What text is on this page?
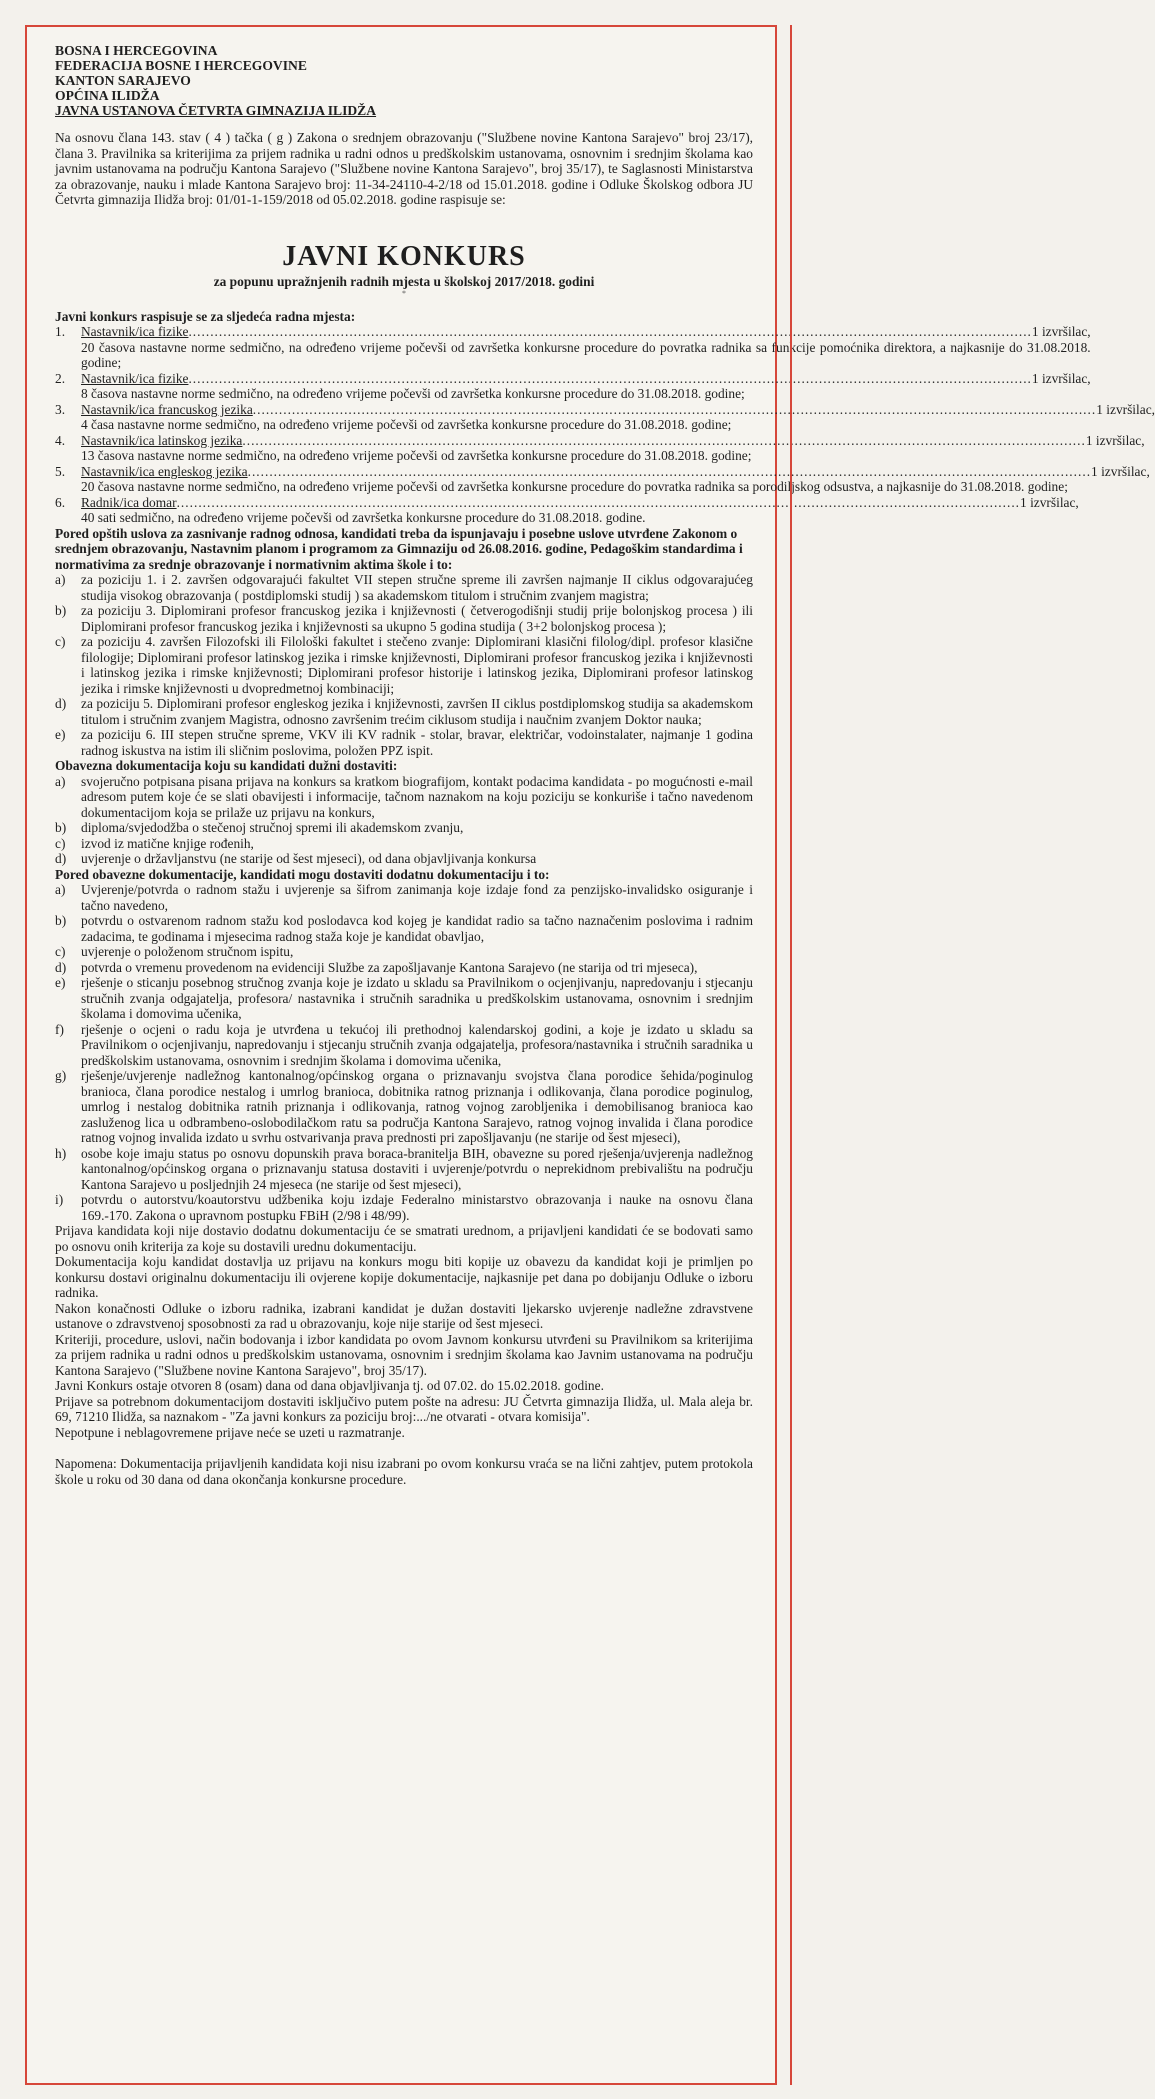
BOSNA I HERCEGOVINA

FEDERACIJA BOSNE I HERCEGOVINE

KANTON SARAJEVO

OPĆINA ILIDŽA

JAVNA USTANOVA ČETVRTA GIMNAZIJA ILIDŽA

Na osnovu člana 143. stav ( 4 ) tačka ( g ) Zakona o srednjem obrazovanju ("Službene novine Kantona Sarajevo" broj 23/17), člana 3. Pravilnika sa kriterijima za prijem radnika u radni odnos u predškolskim ustanovama, osnovnim i srednjim školama kao javnim ustanovama na području Kantona Sarajevo ("Službene novine Kantona Sarajevo", broj 35/17), te Saglasnosti Ministarstva za obrazovanje, nauku i mlade Kantona Sarajevo broj: 11-34-24110-4-2/18 od 15.01.2018. godine i Odluke Školskog odbora JU Četvrta gimnazija Ilidža broj: 01/01-1-159/2018 od 05.02.2018. godine raspisuje se:

JAVNI KONKURS

za popunu upražnjenih radnih mjesta u školskoj 2017/2018. godini

*

Javni konkurs raspisuje se za sljedeća radna mjesta:

1.	Nastavnik/ica fizike .................................................................................................................................................................................................. 1 izvršilac,

20 časova nastavne norme sedmično, na određeno vrijeme počevši od završetka konkursne procedure do povratka radnika sa funkcije pomoćnika direktora, a najkasnije do 31.08.2018. godine;

2.	Nastavnik/ica fizike .................................................................................................................................................................................................. 1 izvršilac,

8 časova nastavne norme sedmično, na određeno vrijeme počevši od završetka konkursne procedure do 31.08.2018. godine;

3.	Nastavnik/ica francuskog jezika .................................................................................................................................................................................................. 1 izvršilac,

4 časa nastavne norme sedmično, na određeno vrijeme počevši od završetka konkursne procedure do 31.08.2018. godine;

4.	Nastavnik/ica latinskog jezika .................................................................................................................................................................................................. 1 izvršilac,

13 časova nastavne norme sedmično, na određeno vrijeme počevši od završetka konkursne procedure do 31.08.2018. godine;

5.	Nastavnik/ica engleskog jezika .................................................................................................................................................................................................. 1 izvršilac,

20 časova nastavne norme sedmično, na određeno vrijeme počevši od završetka konkursne procedure do povratka radnika sa porodiljskog odsustva, a najkasnije do 31.08.2018. godine;

6.	Radnik/ica domar .................................................................................................................................................................................................. 1 izvršilac,

40 sati sedmično, na određeno vrijeme počevši od završetka konkursne procedure do 31.08.2018. godine.

Pored opštih uslova za zasnivanje radnog odnosa, kandidati treba da ispunjavaju i posebne uslove utvrđene Zakonom o srednjem obrazovanju, Nastavnim planom i programom za Gimnaziju od 26.08.2016. godine, Pedagoškim standardima i normativima za srednje obrazovanje i normativnim aktima škole i to:

a)	za poziciju 1. i 2. završen odgovarajući fakultet VII stepen stručne spreme ili završen najmanje II ciklus odgovarajućeg studija visokog obrazovanja ( postdiplomski studij ) sa akademskom titulom i stručnim zvanjem magistra;

b)	za poziciju 3. Diplomirani profesor francuskog jezika i književnosti ( četverogodišnji studij prije bolonjskog procesa ) ili Diplomirani profesor francuskog jezika i književnosti sa ukupno 5 godina studija ( 3+2 bolonjskog procesa );

c)	za poziciju 4. završen Filozofski ili Filološki fakultet i stečeno zvanje: Diplomirani klasični filolog/dipl. profesor klasične filologije; Diplomirani profesor latinskog jezika i rimske književnosti, Diplomirani profesor francuskog jezika i književnosti i latinskog jezika i rimske književnosti; Diplomirani profesor historije i latinskog jezika, Diplomirani profesor latinskog jezika i rimske književnosti u dvopredmetnoj kombinaciji;

d)	za poziciju 5. Diplomirani profesor engleskog jezika i književnosti, završen II ciklus postdiplomskog studija sa akademskom titulom i stručnim zvanjem Magistra, odnosno završenim trećim ciklusom studija i naučnim zvanjem Doktor nauka;

e)	za poziciju 6. III stepen stručne spreme, VKV ili KV radnik - stolar, bravar, električar, vodoinstalater, najmanje 1 godina radnog iskustva na istim ili sličnim poslovima, položen PPZ ispit.

Obavezna dokumentacija koju su kandidati dužni dostaviti:

a)	svojeručno potpisana pisana prijava na konkurs sa kratkom biografijom, kontakt podacima kandidata - po mogućnosti e-mail adresom putem koje će se slati obavijesti i informacije, tačnom naznakom na koju poziciju se konkuriše i tačno navedenom dokumentacijom koja se prilaže uz prijavu na konkurs,

b)	diploma/svjedodžba o stečenoj stručnoj spremi ili akademskom zvanju,

c)	izvod iz matične knjige rođenih,

d)	uvjerenje o državljanstvu (ne starije od šest mjeseci), od dana objavljivanja konkursa

Pored obavezne dokumentacije, kandidati mogu dostaviti dodatnu dokumentaciju i to:

a)	Uvjerenje/potvrda o radnom stažu i uvjerenje sa šifrom zanimanja koje izdaje fond za penzijsko-invalidsko osiguranje i tačno navedeno,

b)	potvrdu o ostvarenom radnom stažu kod poslodavca kod kojeg je kandidat radio sa tačno naznačenim poslovima i radnim zadacima, te godinama i mjesecima radnog staža koje je kandidat obavljao,

c)	uvjerenje o položenom stručnom ispitu,

d)	potvrda o vremenu provedenom na evidenciji Službe za zapošljavanje Kantona Sarajevo (ne starija od tri mjeseca),

e)	rješenje o sticanju posebnog stručnog zvanja koje je izdato u skladu sa Pravilnikom o ocjenjivanju, napredovanju i stjecanju stručnih zvanja odgajatelja, profesora/ nastavnika i stručnih saradnika u predškolskim ustanovama, osnovnim i srednjim školama i domovima učenika,

f)	rješenje o ocjeni o radu koja je utvrđena u tekućoj ili prethodnoj kalendarskoj godini, a koje je izdato u skladu sa Pravilnikom o ocjenjivanju, napredovanju i stjecanju stručnih zvanja odgajatelja, profesora/nastavnika i stručnih saradnika u predškolskim ustanovama, osnovnim i srednjim školama i domovima učenika,

g)	rješenje/uvjerenje nadležnog kantonalnog/općinskog organa o priznavanju svojstva člana porodice šehida/poginulog branioca, člana porodice nestalog i umrlog branioca, dobitnika ratnog priznanja i odlikovanja, člana porodice poginulog, umrlog i nestalog dobitnika ratnih priznanja i odlikovanja, ratnog vojnog zarobljenika i demobilisanog branioca kao zasluženog lica u odbrambeno-oslobodilačkom ratu sa područja Kantona Sarajevo, ratnog vojnog invalida i člana porodice ratnog vojnog invalida izdato u svrhu ostvarivanja prava prednosti pri zapošljavanju (ne starije od šest mjeseci),

h)	osobe koje imaju status po osnovu dopunskih prava boraca-branitelja BIH, obavezne su pored rješenja/uvjerenja nadležnog kantonalnog/općinskog organa o priznavanju statusa dostaviti i uvjerenje/potvrdu o neprekidnom prebivalištu na području Kantona Sarajevo u posljednjih 24 mjeseca (ne starije od šest mjeseci),

i)	potvrdu o autorstvu/koautorstvu udžbenika koju izdaje Federalno ministarstvo obrazovanja i nauke na osnovu člana 169.-170. Zakona o upravnom postupku FBiH (2/98 i 48/99).

Prijava kandidata koji nije dostavio dodatnu dokumentaciju će se smatrati urednom, a prijavljeni kandidati će se bodovati samo po osnovu onih kriterija za koje su dostavili urednu dokumentaciju.

Dokumentacija koju kandidat dostavlja uz prijavu na konkurs mogu biti kopije uz obavezu da kandidat koji je primljen po konkursu dostavi originalnu dokumentaciju ili ovjerene kopije dokumentacije, najkasnije pet dana po dobijanju Odluke o izboru radnika.

Nakon konačnosti Odluke o izboru radnika, izabrani kandidat je dužan dostaviti ljekarsko uvjerenje nadležne zdravstvene ustanove o zdravstvenoj sposobnosti za rad u obrazovanju, koje nije starije od šest mjeseci.

Kriteriji, procedure, uslovi, način bodovanja i izbor kandidata po ovom Javnom konkursu utvrđeni su Pravilnikom sa kriterijima za prijem radnika u radni odnos u predškolskim ustanovama, osnovnim i srednjim školama kao Javnim ustanovama na području Kantona Sarajevo ("Službene novine Kantona Sarajevo", broj 35/17).

Javni Konkurs ostaje otvoren 8 (osam) dana od dana objavljivanja tj. od 07.02. do 15.02.2018. godine.

Prijave sa potrebnom dokumentacijom dostaviti isključivo putem pošte na adresu: JU Četvrta gimnazija Ilidža, ul. Mala aleja br. 69, 71210 Ilidža, sa naznakom - "Za javni konkurs za poziciju broj:.../ne otvarati - otvara komisija".

Nepotpune i neblagovremene prijave neće se uzeti u razmatranje.

Napomena: Dokumentacija prijavljenih kandidata koji nisu izabrani po ovom konkursu vraća se na lični zahtjev, putem protokola škole u roku od 30 dana od dana okončanja konkursne procedure.
